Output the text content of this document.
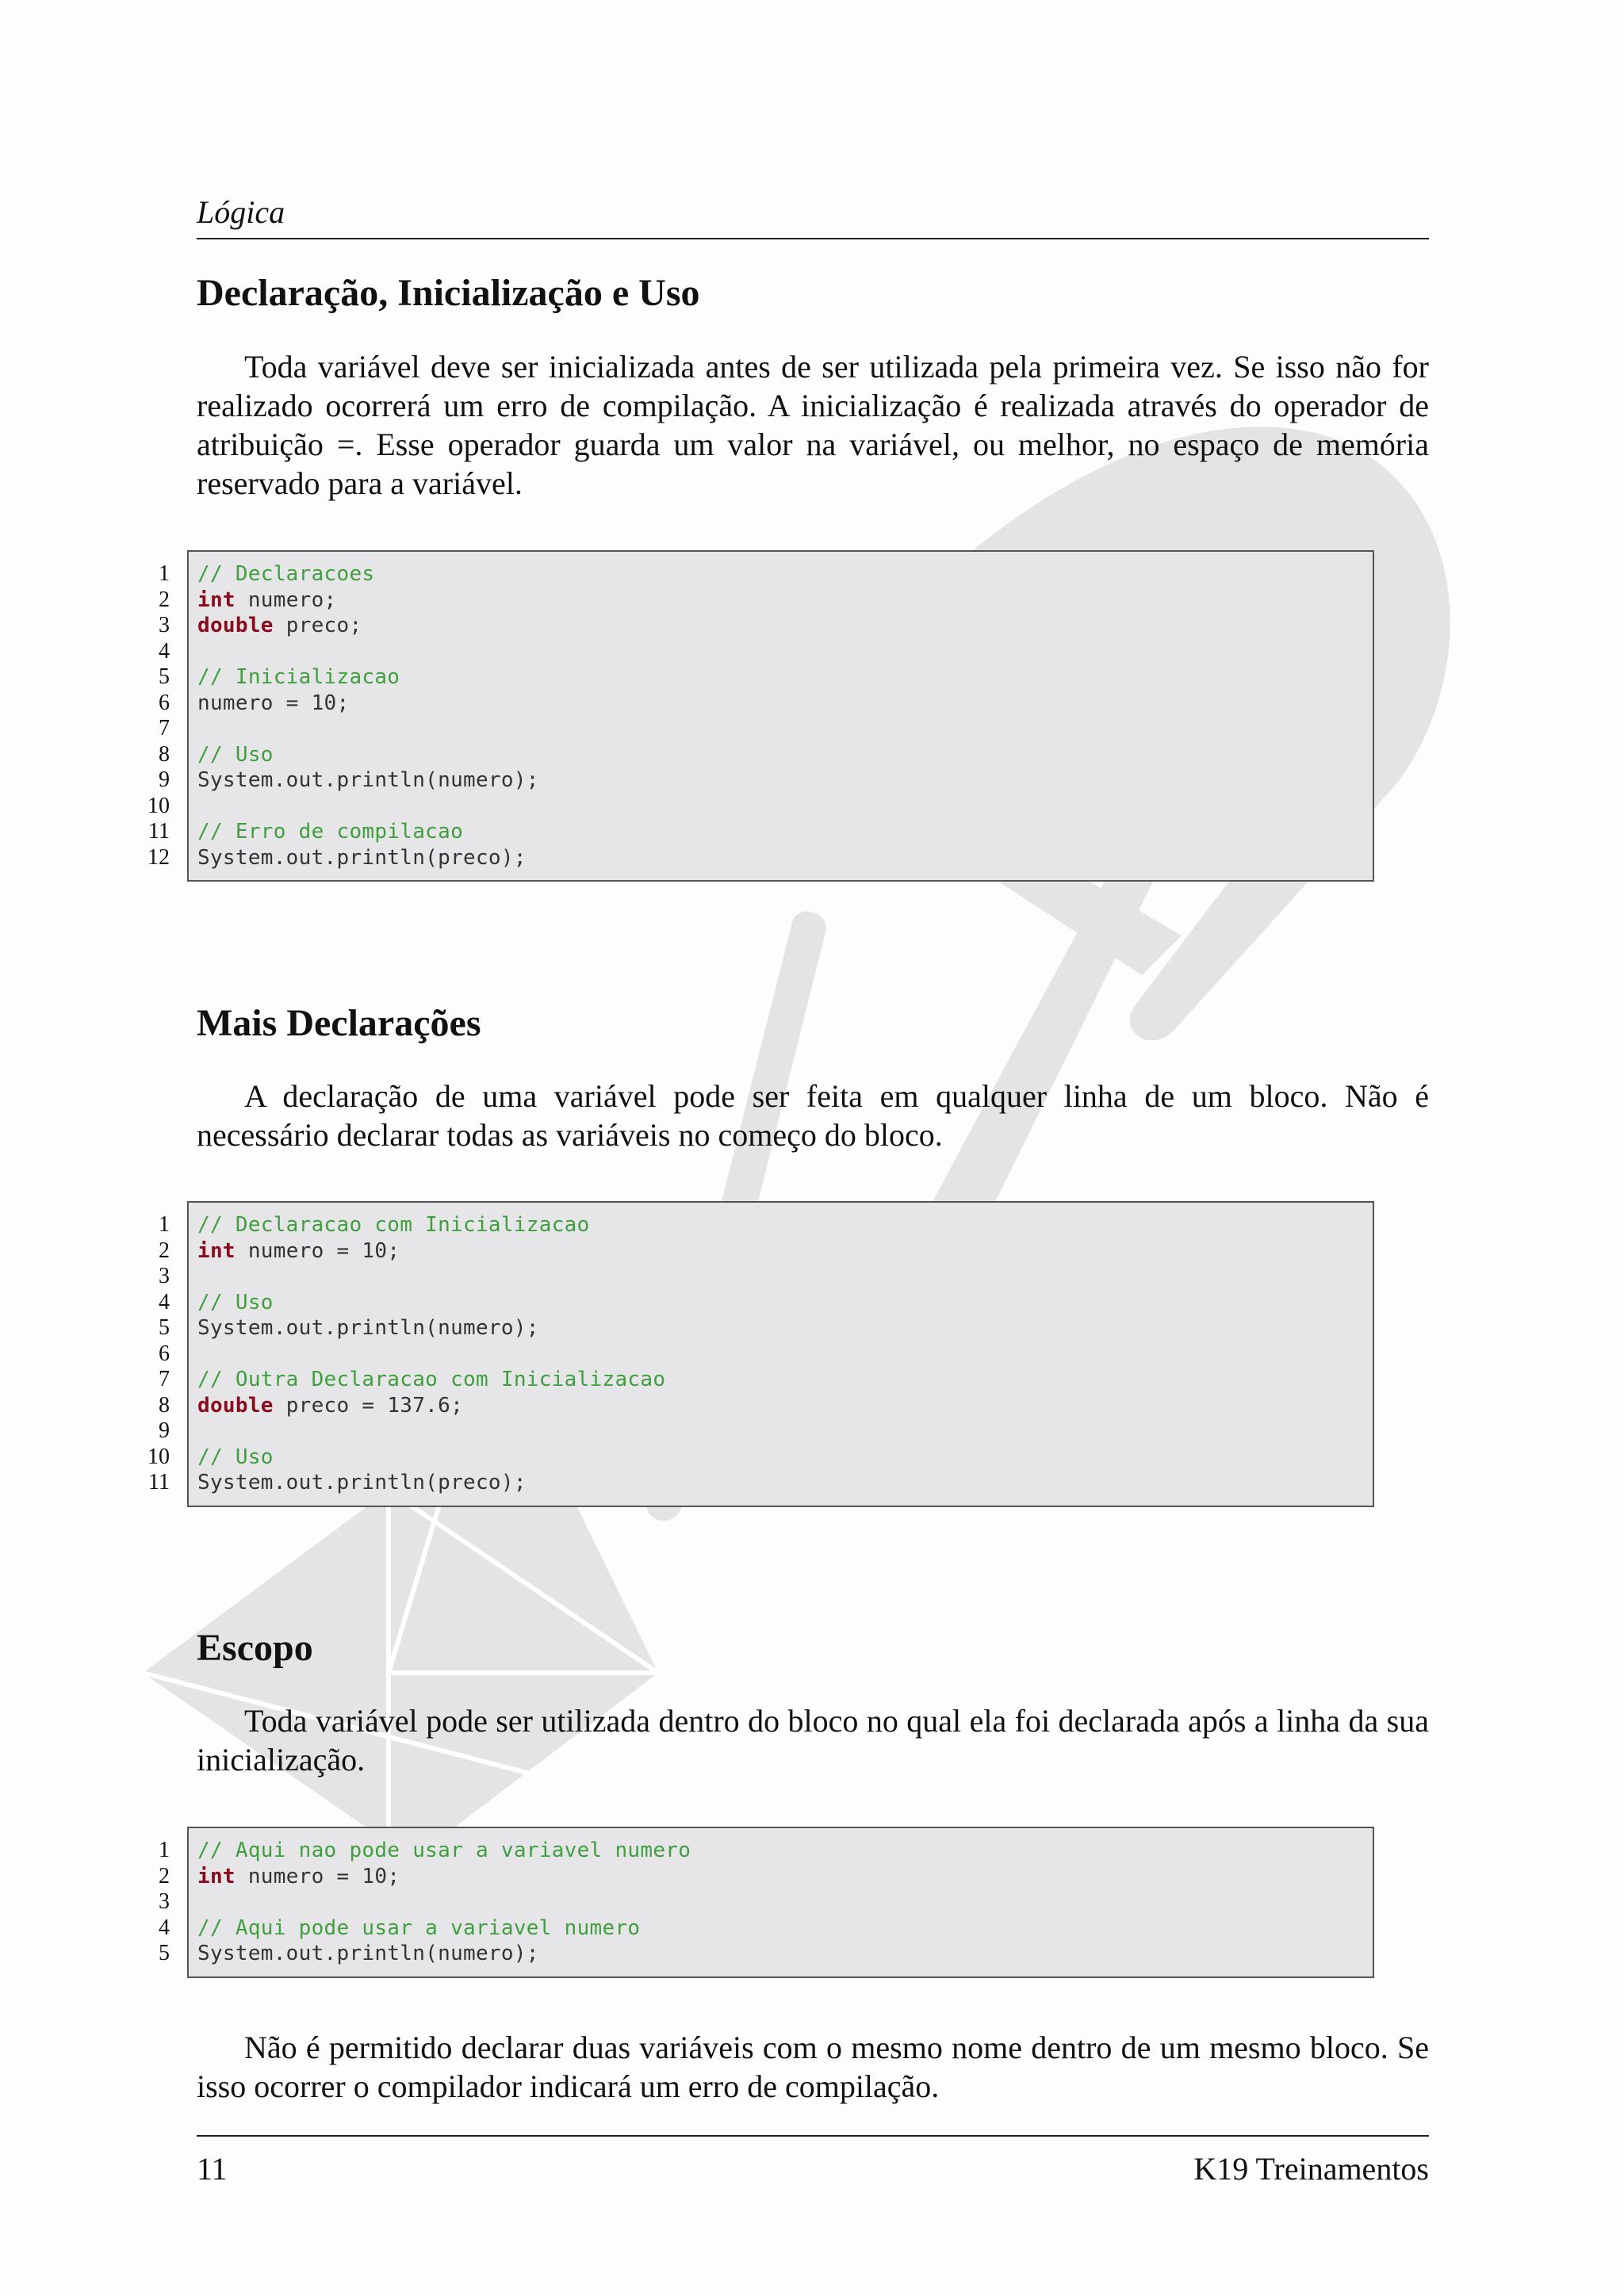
Lógica
Declaração, Inicialização e Uso

Toda variável deve ser inicializada antes de ser utilizada pela primeira vez. Se isso não for realizado ocorrerá um erro de compilação. A inicialização é realizada através do operador de atribuição =. Esse operador guarda um valor na variável, ou melhor, no espaço de memória reservado para a variável.

1
2
3
4
5
6
7
8
9
10
11
12
// Declaracoes
int numero;
double preco;
// Inicializacao
numero = 10;
// Uso
System.out.println(numero);
// Erro de compilacao
System.out.println(preco);
Mais Declarações

A declaração de uma variável pode ser feita em qualquer linha de um bloco. Não é necessário declarar todas as variáveis no começo do bloco.

1
2
3
4
5
6
7
8
9
10
11
// Declaracao com Inicializacao
int numero = 10;
// Uso
System.out.println(numero);
// Outra Declaracao com Inicializacao
double preco = 137.6;
// Uso
System.out.println(preco);
Escopo

Toda variável pode ser utilizada dentro do bloco no qual ela foi declarada após a linha da sua inicialização.

1
2
3
4
5
// Aqui nao pode usar a variavel numero
int numero = 10;
// Aqui pode usar a variavel numero
System.out.println(numero);

Não é permitido declarar duas variáveis com o mesmo nome dentro de um mesmo bloco. Se isso ocorrer o compilador indicará um erro de compilação.

11	K19 Treinamentos
